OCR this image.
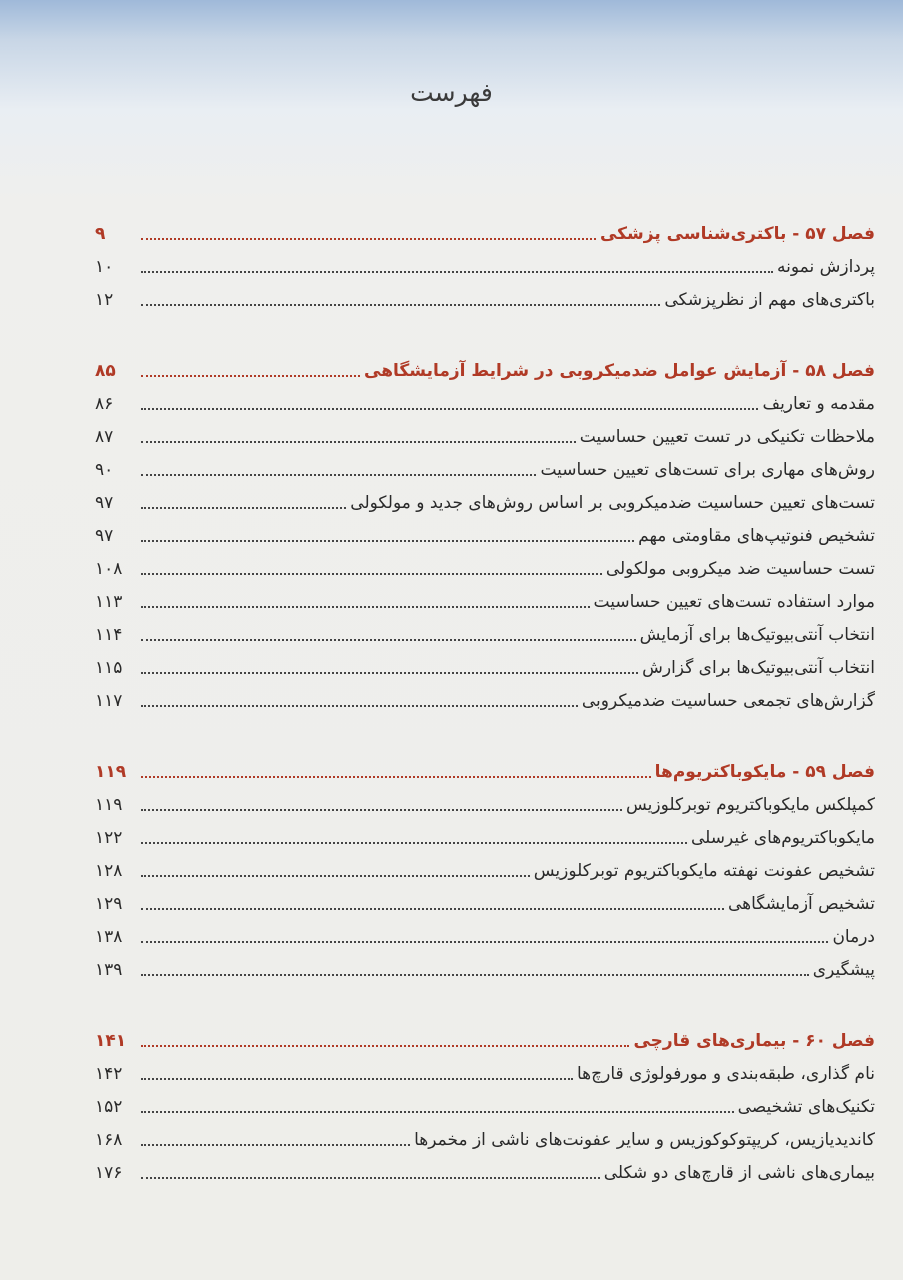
فهرست
فصل ۵۷ - باکتری‌شناسی پزشکی
۹
پردازش نمونه
۱۰
باکتری‌های مهم از نظرپزشکی
۱۲
فصل ۵۸ - آزمایش عوامل ضدمیکروبی در شرایط آزمایشگاهی
۸۵
مقدمه و تعاریف
۸۶
ملاحظات تکنیکی در تست تعیین حساسیت
۸۷
روش‌های مهاری برای تست‌های تعیین حساسیت
۹۰
تست‌های تعیین حساسیت ضدمیکروبی بر اساس روش‌های جدید و مولکولی
۹۷
تشخیص فنوتیپ‌های مقاومتی مهم
۹۷
تست حساسیت ضد میکروبی مولکولی
۱۰۸
موارد استفاده تست‌های تعیین حساسیت
۱۱۳
انتخاب آنتی‌بیوتیک‌ها برای آزمایش
۱۱۴
انتخاب آنتی‌بیوتیک‌ها برای گزارش
۱۱۵
گزارش‌های تجمعی حساسیت ضدمیکروبی
۱۱۷
فصل ۵۹ - مایکوباکتریوم‌ها
۱۱۹
کمپلکس مایکوباکتریوم توبرکلوزیس
۱۱۹
مایکوباکتریوم‌های غیرسلی
۱۲۲
تشخیص عفونت نهفته مایکوباکتریوم توبرکلوزیس
۱۲۸
تشخیص آزمایشگاهی
۱۲۹
درمان
۱۳۸
پیشگیری
۱۳۹
فصل ۶۰ - بیماری‌های قارچی
۱۴۱
نام گذاری، طبقه‌بندی و مورفولوژی قارچ‌ها
۱۴۲
تکنیک‌های تشخیصی
۱۵۲
کاندیدیازیس، کریپتوکوکوزیس و سایر عفونت‌های ناشی از مخمرها
۱۶۸
بیماری‌های ناشی از قارچ‌های دو شکلی
۱۷۶
